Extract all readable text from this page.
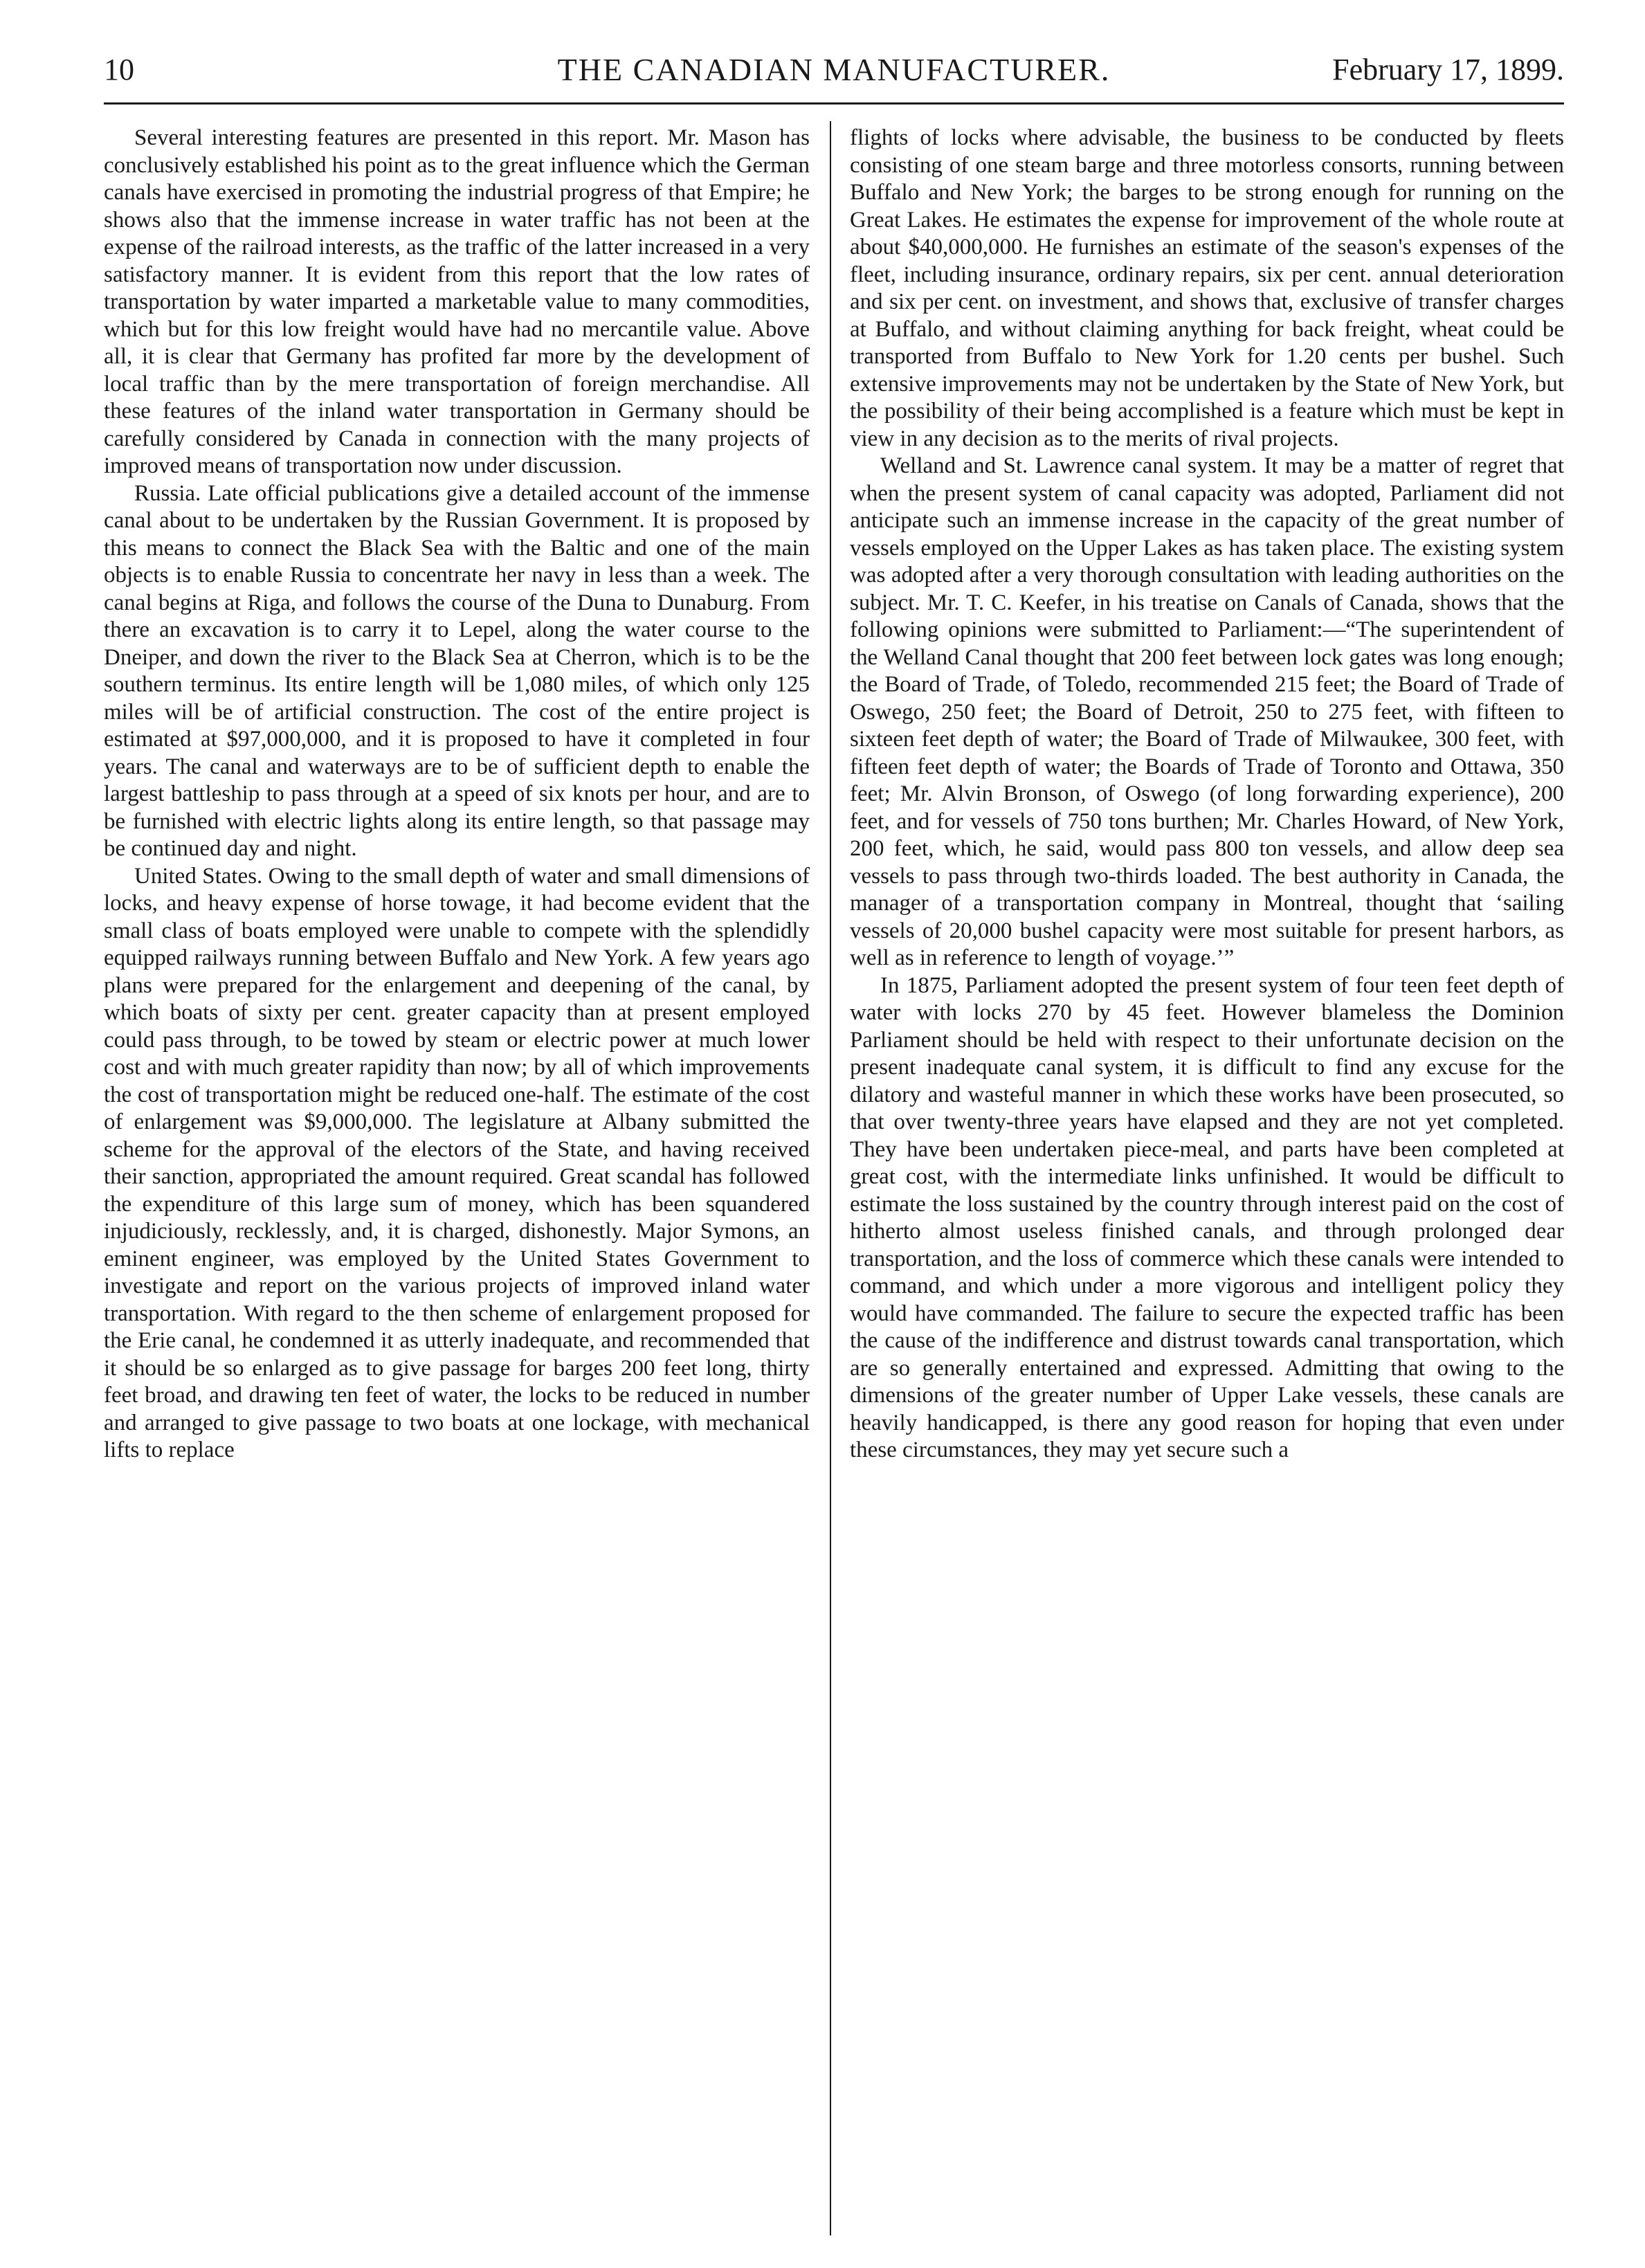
10	THE CANADIAN MANUFACTURER.	February 17, 1899.

Several interesting features are presented in this report. Mr. Mason has conclusively established his point as to the great influence which the German canals have exercised in promoting the industrial progress of that Empire; he shows also that the immense increase in water traffic has not been at the expense of the railroad interests, as the traffic of the latter increased in a very satisfactory manner. It is evident from this report that the low rates of transportation by water imparted a marketable value to many commodities, which but for this low freight would have had no mercantile value. Above all, it is clear that Germany has profited far more by the development of local traffic than by the mere transportation of foreign merchandise. All these features of the inland water transportation in Germany should be carefully considered by Canada in connection with the many projects of improved means of transportation now under discussion.

Russia. Late official publications give a detailed account of the immense canal about to be undertaken by the Russian Government. It is proposed by this means to connect the Black Sea with the Baltic and one of the main objects is to enable Russia to concentrate her navy in less than a week. The canal begins at Riga, and follows the course of the Duna to Dunaburg. From there an excavation is to carry it to Lepel, along the water course to the Dneiper, and down the river to the Black Sea at Cherron, which is to be the southern terminus. Its entire length will be 1,080 miles, of which only 125 miles will be of artificial construction. The cost of the entire project is estimated at $97,000,000, and it is proposed to have it completed in four years. The canal and waterways are to be of sufficient depth to enable the largest battleship to pass through at a speed of six knots per hour, and are to be furnished with electric lights along its entire length, so that passage may be continued day and night.

United States. Owing to the small depth of water and small dimensions of locks, and heavy expense of horse towage, it had become evident that the small class of boats employed were unable to compete with the splendidly equipped railways running between Buffalo and New York. A few years ago plans were prepared for the enlargement and deepening of the canal, by which boats of sixty per cent. greater capacity than at present employed could pass through, to be towed by steam or electric power at much lower cost and with much greater rapidity than now; by all of which improvements the cost of transportation might be reduced one-half. The estimate of the cost of enlargement was $9,000,000. The legislature at Albany submitted the scheme for the approval of the electors of the State, and having received their sanction, appropriated the amount required. Great scandal has followed the expenditure of this large sum of money, which has been squandered injudiciously, recklessly, and, it is charged, dishonestly. Major Symons, an eminent engineer, was employed by the United States Government to investigate and report on the various projects of improved inland water transportation. With regard to the then scheme of enlargement proposed for the Erie canal, he condemned it as utterly inadequate, and recommended that it should be so enlarged as to give passage for barges 200 feet long, thirty feet broad, and drawing ten feet of water, the locks to be reduced in number and arranged to give passage to two boats at one lockage, with mechanical lifts to replace

flights of locks where advisable, the business to be conducted by fleets consisting of one steam barge and three motorless consorts, running between Buffalo and New York; the barges to be strong enough for running on the Great Lakes. He estimates the expense for improvement of the whole route at about $40,000,000. He furnishes an estimate of the season's expenses of the fleet, including insurance, ordinary repairs, six per cent. annual deterioration and six per cent. on investment, and shows that, exclusive of transfer charges at Buffalo, and without claiming anything for back freight, wheat could be transported from Buffalo to New York for 1.20 cents per bushel. Such extensive improvements may not be undertaken by the State of New York, but the possibility of their being accomplished is a feature which must be kept in view in any decision as to the merits of rival projects.

Welland and St. Lawrence canal system. It may be a matter of regret that when the present system of canal capacity was adopted, Parliament did not anticipate such an immense increase in the capacity of the great number of vessels employed on the Upper Lakes as has taken place. The existing system was adopted after a very thorough consultation with leading authorities on the subject. Mr. T. C. Keefer, in his treatise on Canals of Canada, shows that the following opinions were submitted to Parliament:—“The superintendent of the Welland Canal thought that 200 feet between lock gates was long enough; the Board of Trade, of Toledo, recommended 215 feet; the Board of Trade of Oswego, 250 feet; the Board of Detroit, 250 to 275 feet, with fifteen to sixteen feet depth of water; the Board of Trade of Milwaukee, 300 feet, with fifteen feet depth of water; the Boards of Trade of Toronto and Ottawa, 350 feet; Mr. Alvin Bronson, of Oswego (of long forwarding experience), 200 feet, and for vessels of 750 tons burthen; Mr. Charles Howard, of New York, 200 feet, which, he said, would pass 800 ton vessels, and allow deep sea vessels to pass through two-thirds loaded. The best authority in Canada, the manager of a transportation company in Montreal, thought that ‘sailing vessels of 20,000 bushel capacity were most suitable for present harbors, as well as in reference to length of voyage.’”

In 1875, Parliament adopted the present system of four teen feet depth of water with locks 270 by 45 feet. However blameless the Dominion Parliament should be held with respect to their unfortunate decision on the present inadequate canal system, it is difficult to find any excuse for the dilatory and wasteful manner in which these works have been prosecuted, so that over twenty-three years have elapsed and they are not yet completed. They have been undertaken piece-meal, and parts have been completed at great cost, with the intermediate links unfinished. It would be difficult to estimate the loss sustained by the country through interest paid on the cost of hitherto almost useless finished canals, and through prolonged dear transportation, and the loss of commerce which these canals were intended to command, and which under a more vigorous and intelligent policy they would have commanded. The failure to secure the expected traffic has been the cause of the indifference and distrust towards canal transportation, which are so generally entertained and expressed. Admitting that owing to the dimensions of the greater number of Upper Lake vessels, these canals are heavily handicapped, is there any good reason for hoping that even under these circumstances, they may yet secure such a
